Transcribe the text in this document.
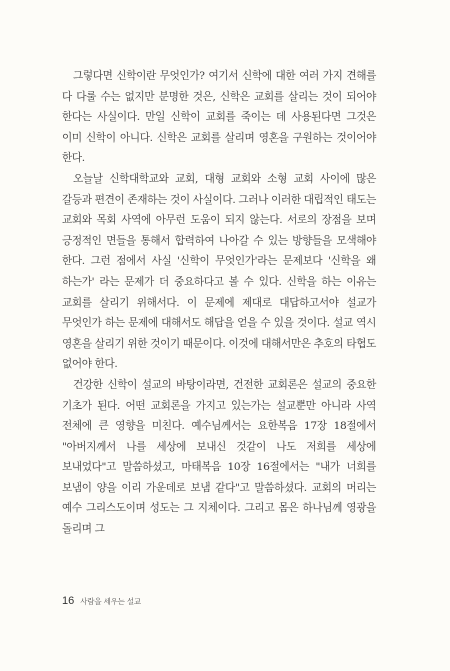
그렇다면 신학이란 무엇인가? 여기서 신학에 대한 여러 가지 견해를 다 다룰 수는 없지만 분명한 것은, 신학은 교회를 살리는 것이 되어야 한다는 사실이다. 만일 신학이 교회를 죽이는 데 사용된다면 그것은 이미 신학이 아니다. 신학은 교회를 살리며 영혼을 구원하는 것이어야 한다.

오늘날 신학대학교와 교회, 대형 교회와 소형 교회 사이에 많은 갈등과 편견이 존재하는 것이 사실이다. 그러나 이러한 대립적인 태도는 교회와 목회 사역에 아무런 도움이 되지 않는다. 서로의 장점을 보며 긍정적인 면들을 통해서 합력하여 나아갈 수 있는 방향들을 모색해야 한다. 그런 점에서 사실 '신학이 무엇인가'라는 문제보다 '신학을 왜 하는가' 라는 문제가 더 중요하다고 볼 수 있다. 신학을 하는 이유는 교회를 살리기 위해서다. 이 문제에 제대로 대답하고서야 설교가 무엇인가 하는 문제에 대해서도 해답을 얻을 수 있을 것이다. 설교 역시 영혼을 살리기 위한 것이기 때문이다. 이것에 대해서만은 추호의 타협도 없어야 한다.

건강한 신학이 설교의 바탕이라면, 건전한 교회론은 설교의 중요한 기초가 된다. 어떤 교회론을 가지고 있는가는 설교뿐만 아니라 사역 전체에 큰 영향을 미친다. 예수님께서는 요한복음 17장 18절에서 "아버지께서 나를 세상에 보내신 것같이 나도 저희를 세상에 보내었다"고 말씀하셨고, 마태복음 10장 16절에서는 "내가 너희를 보냄이 양을 이리 가운데로 보냄 같다"고 말씀하셨다. 교회의 머리는 예수 그리스도이며 성도는 그 지체이다. 그리고 몸은 하나님께 영광을 돌리며 그

16 사람을 세우는 설교
